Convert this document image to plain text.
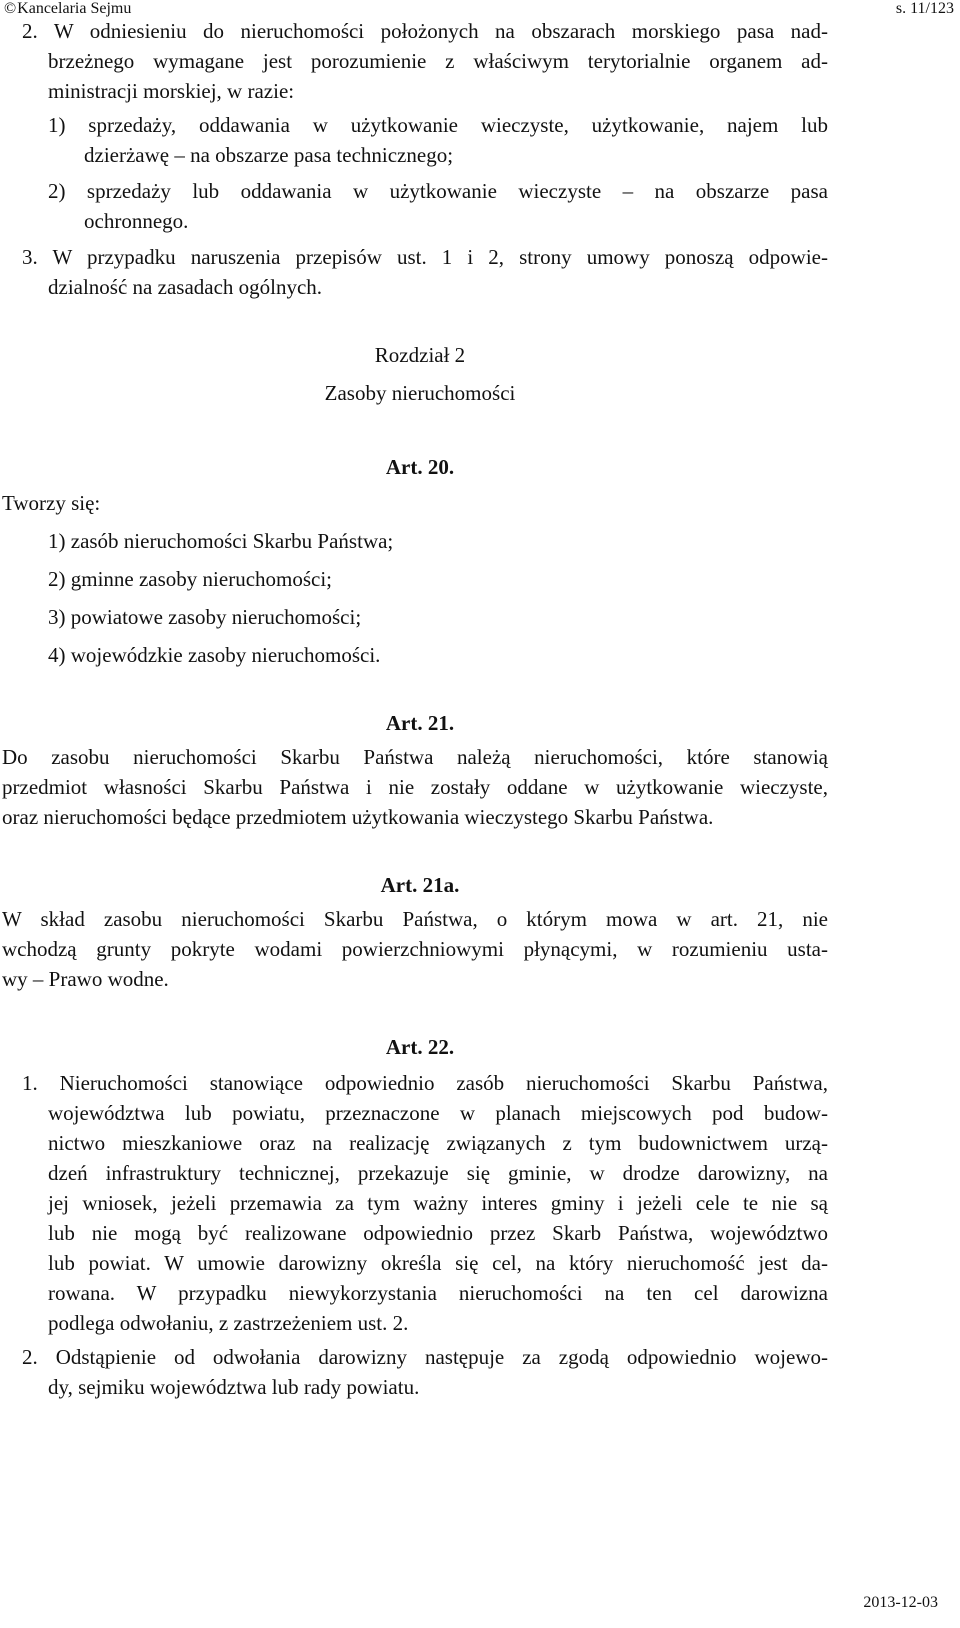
© Kancelaria Sejmu	s. 11/123
2. W odniesieniu do nieruchomości położonych na obszarach morskiego pasa nad-
brzeżnego wymagane jest porozumienie z właściwym terytorialnie organem ad-
ministracji morskiej, w razie:
1) sprzedaży, oddawania w użytkowanie wieczyste, użytkowanie, najem lub
dzierżawę – na obszarze pasa technicznego;
2) sprzedaży lub oddawania w użytkowanie wieczyste – na obszarze pasa
ochronnego.
3. W przypadku naruszenia przepisów ust. 1 i 2, strony umowy ponoszą odpowie-
dzialność na zasadach ogólnych.
Rozdział 2
Zasoby nieruchomości
Art. 20.
Tworzy się:
1) zasób nieruchomości Skarbu Państwa;
2) gminne zasoby nieruchomości;
3) powiatowe zasoby nieruchomości;
4) wojewódzkie zasoby nieruchomości.
Art. 21.
Do zasobu nieruchomości Skarbu Państwa należą nieruchomości, które stanowią
przedmiot własności Skarbu Państwa i nie zostały oddane w użytkowanie wieczyste,
oraz nieruchomości będące przedmiotem użytkowania wieczystego Skarbu Państwa.
Art. 21a.
W skład zasobu nieruchomości Skarbu Państwa, o którym mowa w art. 21, nie
wchodzą grunty pokryte wodami powierzchniowymi płynącymi, w rozumieniu usta-
wy – Prawo wodne.
Art. 22.
1. Nieruchomości stanowiące odpowiednio zasób nieruchomości Skarbu Państwa,
województwa lub powiatu, przeznaczone w planach miejscowych pod budow-
nictwo mieszkaniowe oraz na realizację związanych z tym budownictwem urzą-
dzeń infrastruktury technicznej, przekazuje się gminie, w drodze darowizny, na
jej wniosek, jeżeli przemawia za tym ważny interes gminy i jeżeli cele te nie są
lub nie mogą być realizowane odpowiednio przez Skarb Państwa, województwo
lub powiat. W umowie darowizny określa się cel, na który nieruchomość jest da-
rowana. W przypadku niewykorzystania nieruchomości na ten cel darowizna
podlega odwołaniu, z zastrzeżeniem ust. 2.
2. Odstąpienie od odwołania darowizny następuje za zgodą odpowiednio wojewo-
dy, sejmiku województwa lub rady powiatu.
2013-12-03
